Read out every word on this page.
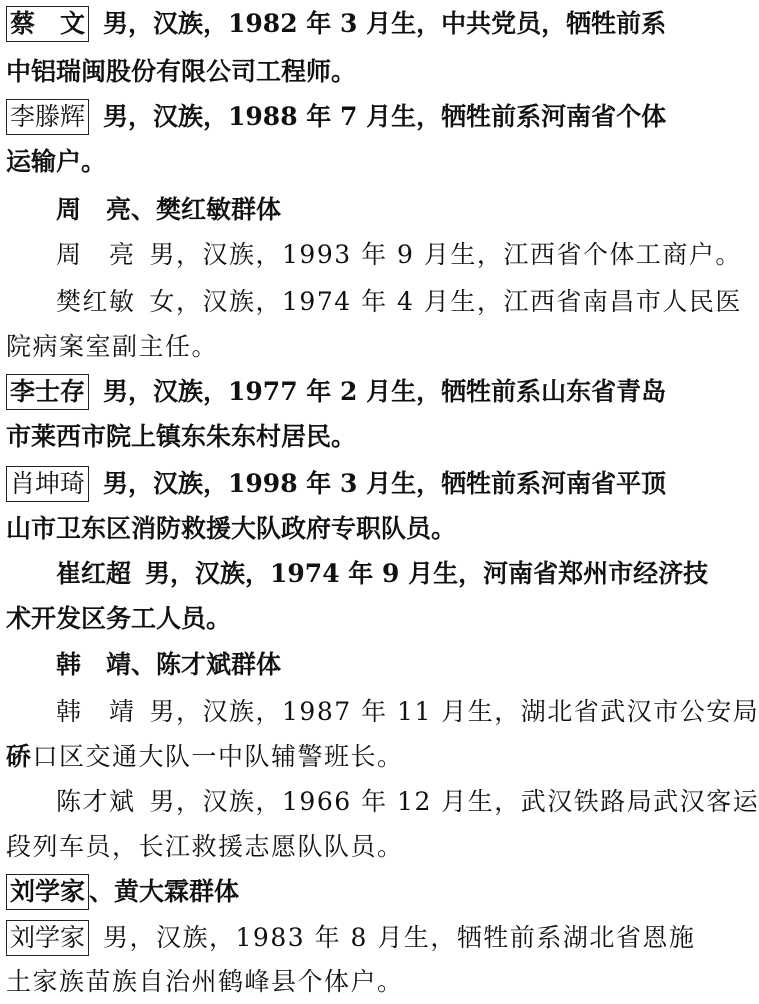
蔡　文 男，汉族，1982 年 3 月生，中共党员，牺牲前系
中铝瑞闽股份有限公司工程师。
李滕辉 男，汉族，1988 年 7 月生，牺牲前系河南省个体
运输户。
周　亮、樊红敏群体
周　亮 男，汉族，1993 年 9 月生，江西省个体工商户。
樊红敏 女，汉族，1974 年 4 月生，江西省南昌市人民医
院病案室副主任。
李士存 男，汉族，1977 年 2 月生，牺牲前系山东省青岛
市莱西市院上镇东朱东村居民。
肖坤琦 男，汉族，1998 年 3 月生，牺牲前系河南省平顶
山市卫东区消防救援大队政府专职队员。
崔红超 男，汉族，1974 年 9 月生，河南省郑州市经济技
术开发区务工人员。
韩　靖、陈才斌群体
韩　靖 男，汉族，1987 年 11 月生，湖北省武汉市公安局
硚口区交通大队一中队辅警班长。
陈才斌 男，汉族，1966 年 12 月生，武汉铁路局武汉客运
段列车员，长江救援志愿队队员。
刘学家 、黄大霖群体
刘学家 男，汉族，1983 年 8 月生，牺牲前系湖北省恩施
土家族苗族自治州鹤峰县个体户。
